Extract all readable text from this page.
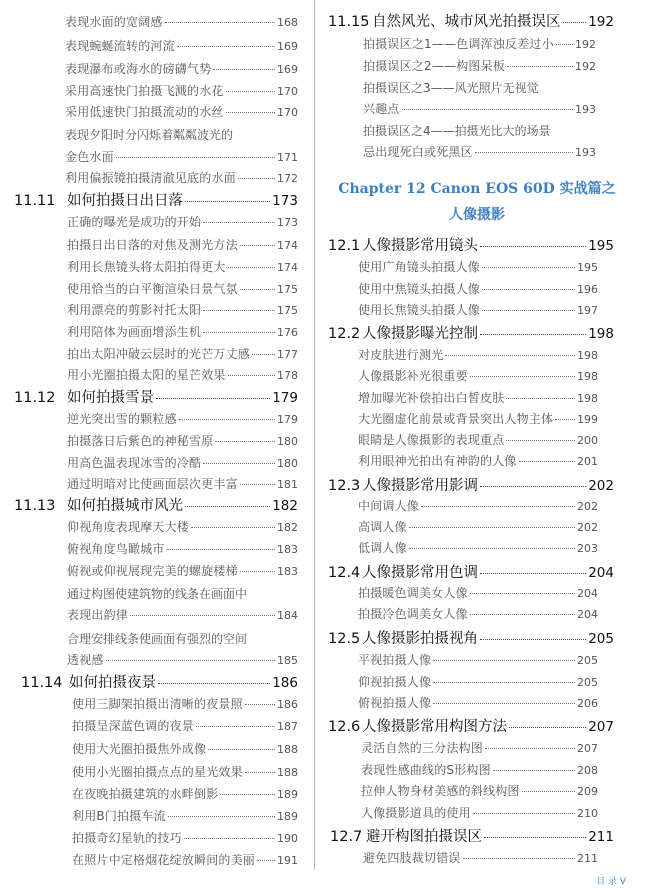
表现水面的宽阔感	168
表现蜿蜒流转的河流	169
表现瀑布或海水的磅礴气势	169
采用高速快门拍摄飞溅的水花	170
采用低速快门拍摄流动的水丝	170
表现夕阳时分闪烁着粼粼波光的
金色水面	171
利用偏振镜拍摄清澈见底的水面	172
11.11 如何拍摄日出日落	173
正确的曝光是成功的开始	173
拍摄日出日落的对焦及测光方法	174
利用长焦镜头将太阳拍得更大	174
使用恰当的白平衡渲染日景气氛	175
利用漂亮的剪影衬托太阳	175
利用陪体为画面增添生机	176
拍出太阳冲破云层时的光芒万丈感 177
用小光圈拍摄太阳的星芒效果	178
11.12 如何拍摄雪景	179
逆光突出雪的颗粒感	179
拍摄落日后紫色的神秘雪原	180
用高色温表现冰雪的冷酷	180
通过明暗对比使画面层次更丰富	181
11.13 如何拍摄城市风光	182
仰视角度表现摩天大楼	182
俯视角度鸟瞰城市	183
俯视或仰视展现完美的螺旋楼梯	183
通过构图使建筑物的线条在画面中
表现出韵律	184
合理安排线条使画面有强烈的空间
透视感	185
11.14 如何拍摄夜景	186
使用三脚架拍摄出清晰的夜景照	186
拍摄呈深蓝色调的夜景	187
使用大光圈拍摄焦外成像	188
使用小光圈拍摄点点的星光效果	188
在夜晚拍摄建筑的水畔倒影	189
利用B门拍摄车流	189
拍摄奇幻星轨的技巧	190
在照片中定格烟花绽放瞬间的美丽 191
11.15 自然风光、城市风光拍摄误区 192
拍摄误区之1——色调浑浊反差过小 192
拍摄误区之2——构图呆板	192
拍摄误区之3——风光照片无视觉
兴趣点	193
拍摄误区之4——拍摄光比大的场景
忌出现死白或死黑区	193
Chapter 12 Canon EOS 60D 实战篇之
人像摄影
12.1 人像摄影常用镜头	195
使用广角镜头拍摄人像	195
使用中焦镜头拍摄人像	196
使用长焦镜头拍摄人像	197
12.2 人像摄影曝光控制	198
对皮肤进行测光	198
人像摄影补光很重要	198
增加曝光补偿拍出白皙皮肤	198
大光圈虚化前景或背景突出人物主体 199
眼睛是人像摄影的表现重点	200
利用眼神光拍出有神韵的人像	201
12.3 人像摄影常用影调	202
中间调人像	202
高调人像	202
低调人像	203
12.4 人像摄影常用色调	204
拍摄暖色调美女人像	204
拍摄冷色调美女人像	204
12.5 人像摄影拍摄视角	205
平视拍摄人像	205
仰视拍摄人像	205
俯视拍摄人像	206
12.6 人像摄影常用构图方法	207
灵活自然的三分法构图	207
表现性感曲线的S形构图	208
拉伸人物身材美感的斜线构图	209
人像摄影道具的使用	210
12.7 避开构图拍摄误区	211
避免四肢裁切错误	211
目 录 V
